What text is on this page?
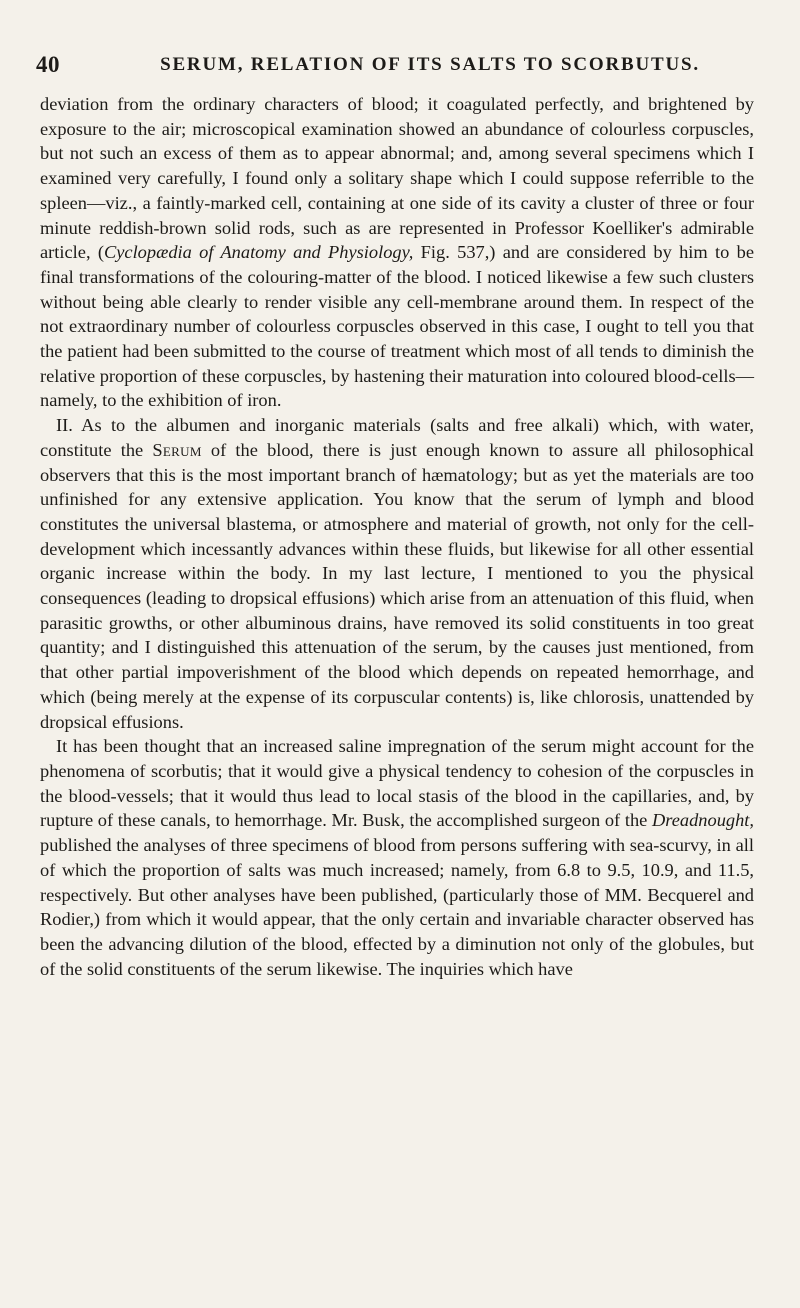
40	SERUM, RELATION OF ITS SALTS TO SCORBUTUS.

deviation from the ordinary characters of blood; it coagulated perfectly, and brightened by exposure to the air; microscopical examination showed an abundance of colourless corpuscles, but not such an excess of them as to appear abnormal; and, among several specimens which I examined very carefully, I found only a solitary shape which I could suppose referrible to the spleen—viz., a faintly-marked cell, containing at one side of its cavity a cluster of three or four minute reddish-brown solid rods, such as are represented in Professor Koelliker's admirable article, (Cyclopædia of Anatomy and Physiology, Fig. 537,) and are considered by him to be final transformations of the colouring-matter of the blood. I noticed likewise a few such clusters without being able clearly to render visible any cell-membrane around them. In respect of the not extraordinary number of colourless corpuscles observed in this case, I ought to tell you that the patient had been submitted to the course of treatment which most of all tends to diminish the relative proportion of these corpuscles, by hastening their maturation into coloured blood-cells—namely, to the exhibition of iron.

II. As to the albumen and inorganic materials (salts and free alkali) which, with water, constitute the Serum of the blood, there is just enough known to assure all philosophical observers that this is the most important branch of hæmatology; but as yet the materials are too unfinished for any extensive application. You know that the serum of lymph and blood constitutes the universal blastema, or atmosphere and material of growth, not only for the cell-development which incessantly advances within these fluids, but likewise for all other essential organic increase within the body. In my last lecture, I mentioned to you the physical consequences (leading to dropsical effusions) which arise from an attenuation of this fluid, when parasitic growths, or other albuminous drains, have removed its solid constituents in too great quantity; and I distinguished this attenuation of the serum, by the causes just mentioned, from that other partial impoverishment of the blood which depends on repeated hemorrhage, and which (being merely at the expense of its corpuscular contents) is, like chlorosis, unattended by dropsical effusions.

It has been thought that an increased saline impregnation of the serum might account for the phenomena of scorbutis; that it would give a physical tendency to cohesion of the corpuscles in the blood-vessels; that it would thus lead to local stasis of the blood in the capillaries, and, by rupture of these canals, to hemorrhage. Mr. Busk, the accomplished surgeon of the Dreadnought, published the analyses of three specimens of blood from persons suffering with sea-scurvy, in all of which the proportion of salts was much increased; namely, from 6.8 to 9.5, 10.9, and 11.5, respectively. But other analyses have been published, (particularly those of MM. Becquerel and Rodier,) from which it would appear, that the only certain and invariable character observed has been the advancing dilution of the blood, effected by a diminution not only of the globules, but of the solid constituents of the serum likewise. The inquiries which have
